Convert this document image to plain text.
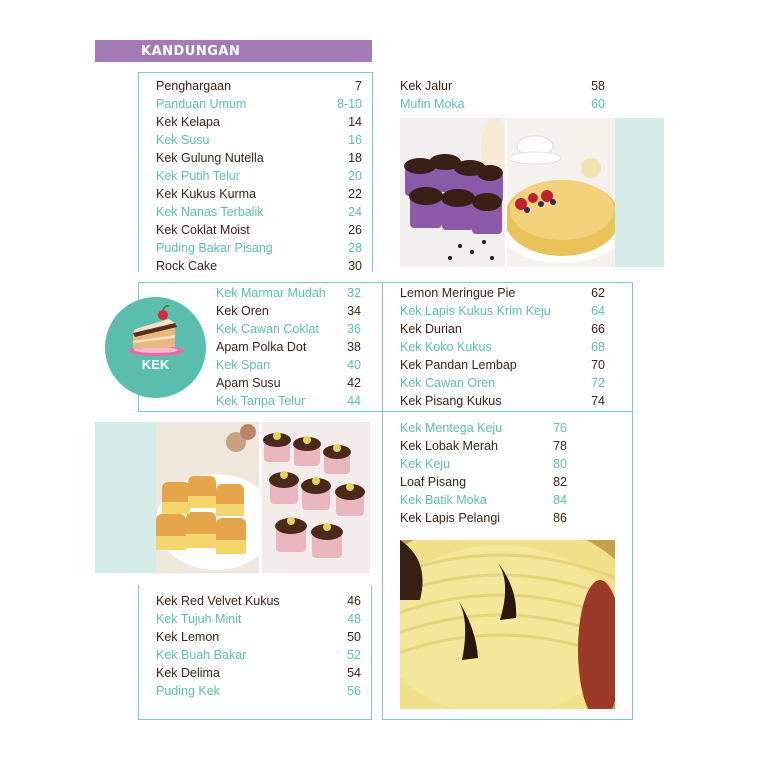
KANDUNGAN
Penghargaan	7
Panduan Umum	8-10
Kek Kelapa	14
Kek Susu	16
Kek Gulung Nutella	18
Kek Putih Telur	20
Kek Kukus Kurma	22
Kek Nanas Terbalik	24
Kek Coklat Moist	26
Puding Bakar Pisang	28
Rock Cake	30
Kek Jalur	58
Mufin Moka	60
Kek Marmar Mudah 32
Kek Oren	34
Kek Cawan Coklat 36
Apam Polka Dot	38
Kek Span	40
Apam Susu	42
Kek Tanpa Telur	44
Lemon Meringue Pie	62
Kek Lapis Kukus Krim Keju	64
Kek Durian	66
Kek Koko Kukus	68
Kek Pandan Lembap	70
Kek Cawan Oren	72
Kek Pisang Kukus	74
Kek Mentega Keju	76
Kek Lobak Merah	78
Kek Keju	80
Loaf Pisang	82
Kek Batik Moka	84
Kek Lapis Pelangi	86
Kek Red Velvet Kukus	46
Kek Tujuh Minit	48
Kek Lemon	50
Kek Buah Bakar	52
Kek Delima	54
Puding Kek	56
KEK
